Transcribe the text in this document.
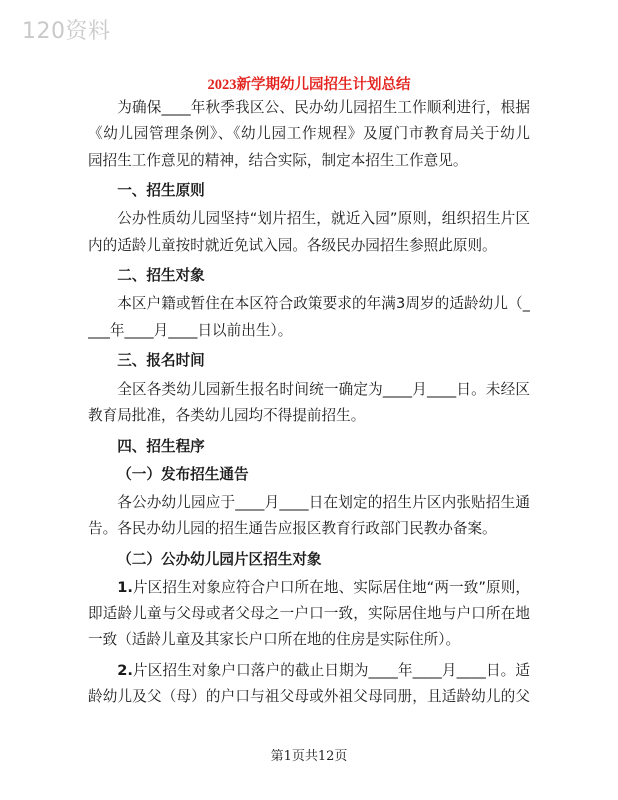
120资料
2023新学期幼儿园招生计划总结
为确保____年秋季我区公、民办幼儿园招生工作顺利进行，根据
《幼儿园管理条例》、《幼儿园工作规程》及厦门市教育局关于幼儿
园招生工作意见的精神，结合实际，制定本招生工作意见。
一、招生原则
公办性质幼儿园坚持“划片招生，就近入园”原则，组织招生片区
内的适龄儿童按时就近免试入园。各级民办园招生参照此原则。
二、招生对象
本区户籍或暂住在本区符合政策要求的年满3周岁的适龄幼儿（_
___年____月____日以前出生）。
三、报名时间
全区各类幼儿园新生报名时间统一确定为____月____日。未经区
教育局批准，各类幼儿园均不得提前招生。
四、招生程序
（一）发布招生通告
各公办幼儿园应于____月____日在划定的招生片区内张贴招生通
告。各民办幼儿园的招生通告应报区教育行政部门民教办备案。
（二）公办幼儿园片区招生对象
1.片区招生对象应符合户口所在地、实际居住地“两一致”原则，
即适龄儿童与父母或者父母之一户口一致，实际居住地与户口所在地
一致（适龄儿童及其家长户口所在地的住房是实际住所）。
2.片区招生对象户口落户的截止日期为____年____月____日。适
龄幼儿及父（母）的户口与祖父母或外祖父母同册，且适龄幼儿的父
第1页共12页
